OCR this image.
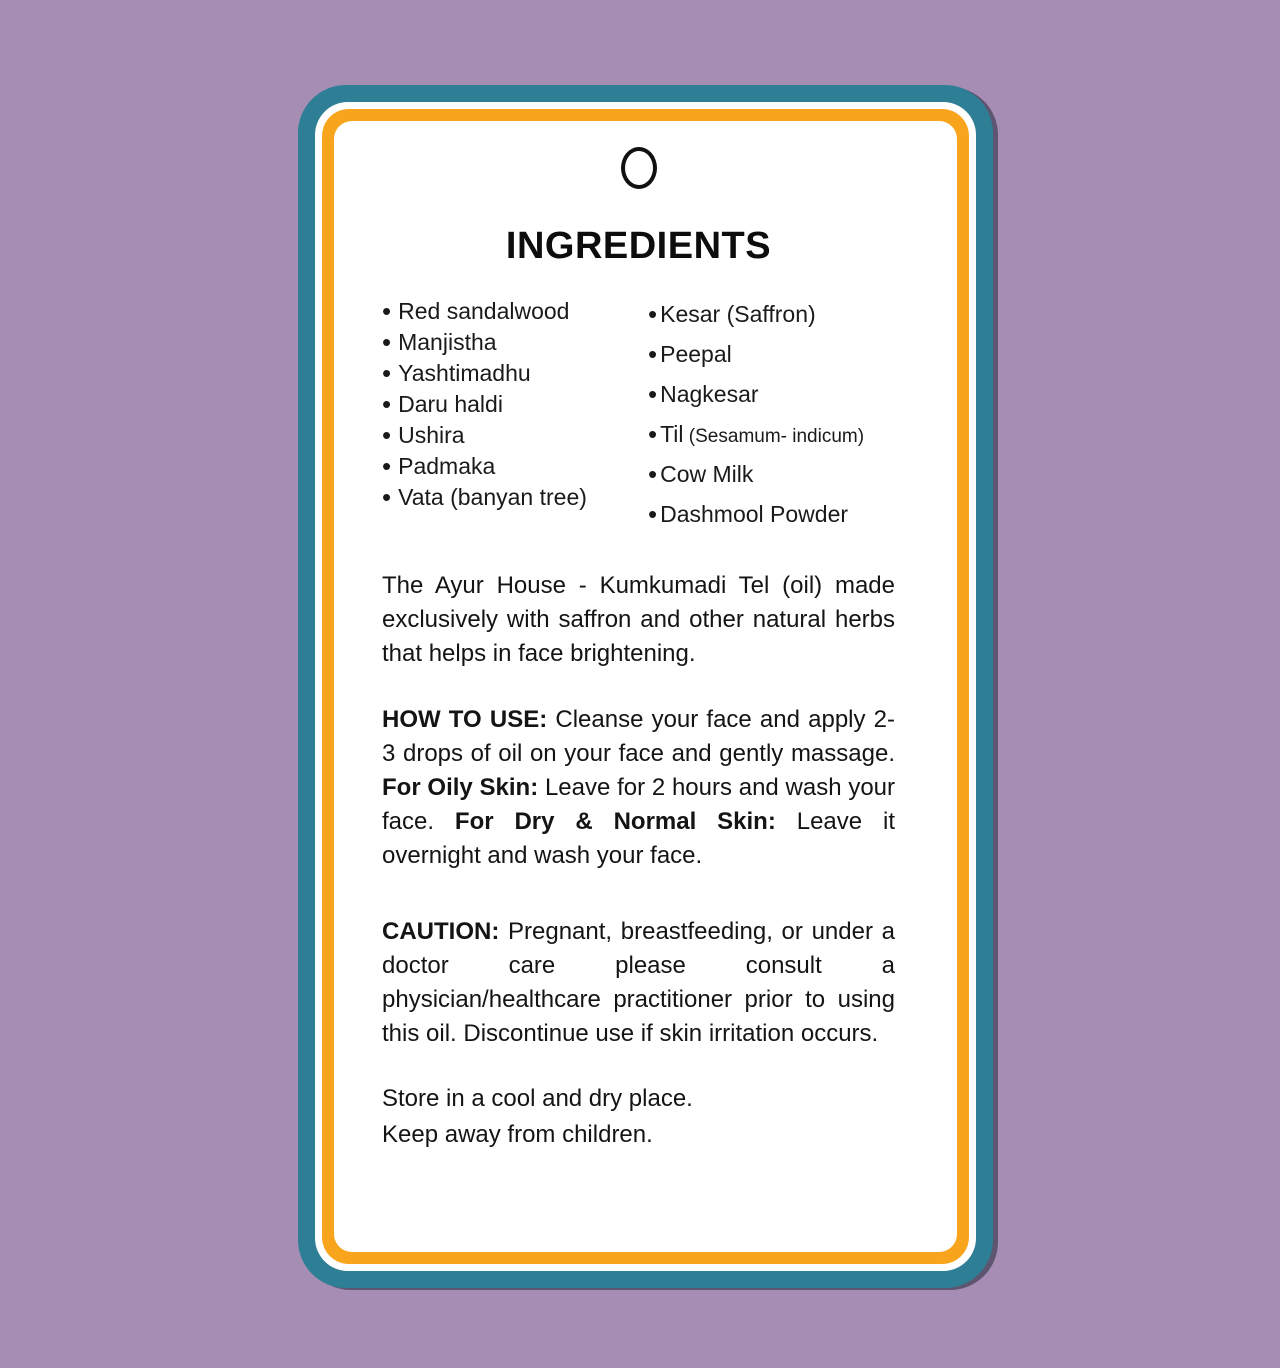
INGREDIENTS
• Red sandalwood
• Manjistha
• Yashtimadhu
• Daru haldi
• Ushira
• Padmaka
• Vata (banyan tree)
• Kesar (Saffron)
• Peepal
• Nagkesar
• Til (Sesamum- indicum)
• Cow Milk
• Dashmool Powder

The Ayur House - Kumkumadi Tel (oil) made exclusively with saffron and other natural herbs that helps in face brightening.

HOW TO USE: Cleanse your face and apply 2-3 drops of oil on your face and gently massage. For Oily Skin: Leave for 2 hours and wash your face. For Dry & Normal Skin: Leave it overnight and wash your face.

CAUTION: Pregnant, breastfeeding, or under a doctor care please consult a physician/healthcare practitioner prior to using this oil. Discontinue use if skin irritation occurs.

Store in a cool and dry place.
Keep away from children.
